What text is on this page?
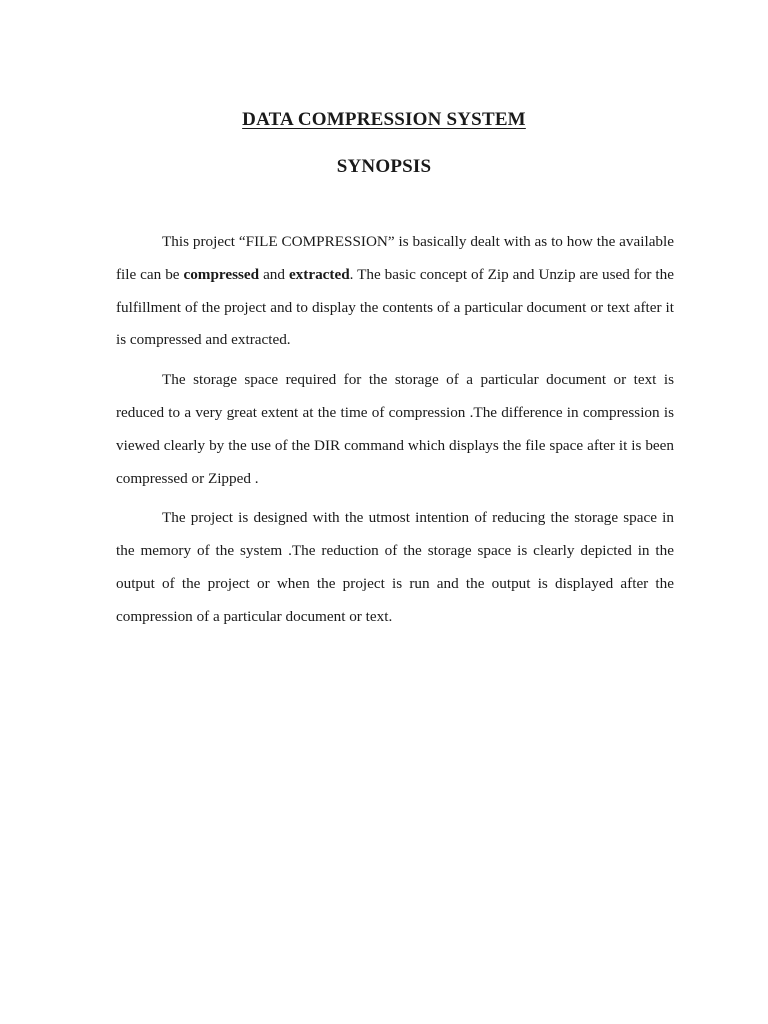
DATA COMPRESSION SYSTEM
SYNOPSIS

This project “FILE COMPRESSION” is basically dealt with as to how the available file can be compressed and extracted. The basic concept of Zip and Unzip are used for the fulfillment of the project and to display the contents of a particular document or text after it is compressed and extracted.

The storage space required for the storage of a particular document or text is reduced to a very great extent at the time of compression .The difference in compression is viewed clearly by the use of the DIR command which displays the file space after it is been compressed or Zipped .

The project is designed with the utmost intention of reducing the storage space in the memory of the system .The reduction of the storage space is clearly depicted in the output of the project or when the project is run and the output is displayed after the compression of a particular document or text.
